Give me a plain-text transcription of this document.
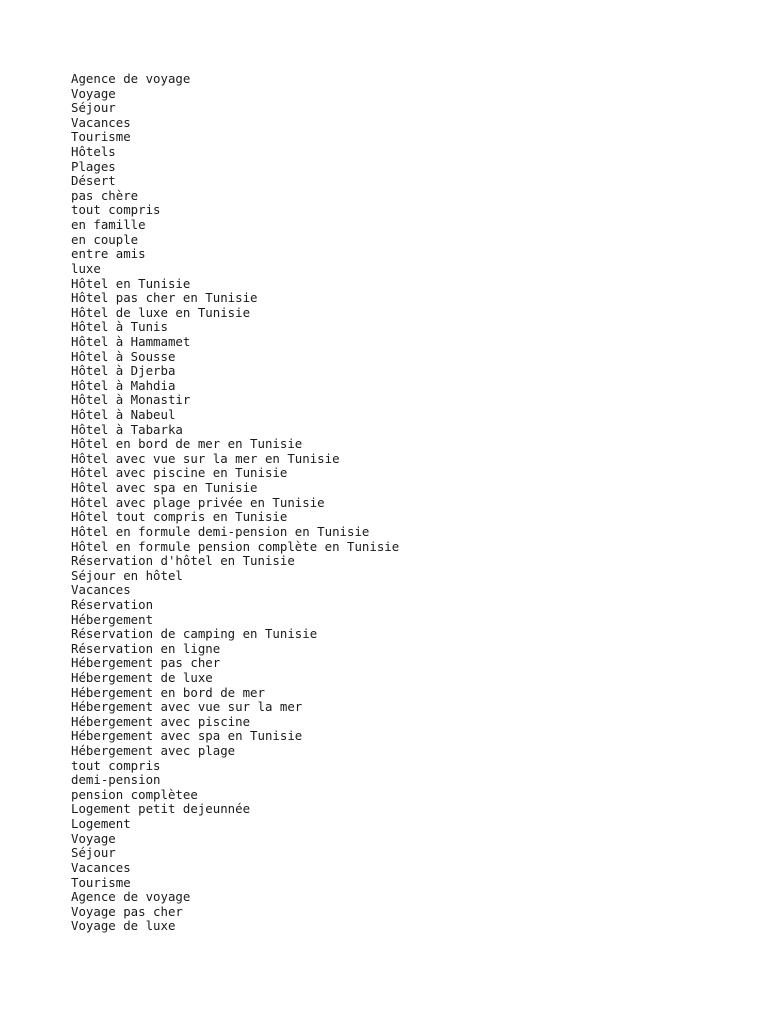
Agence de voyage
Voyage
Séjour
Vacances
Tourisme
Hôtels
Plages
Désert
pas chère
tout compris
en famille
en couple
entre amis
luxe
Hôtel en Tunisie
Hôtel pas cher en Tunisie
Hôtel de luxe en Tunisie
Hôtel à Tunis
Hôtel à Hammamet
Hôtel à Sousse
Hôtel à Djerba
Hôtel à Mahdia
Hôtel à Monastir
Hôtel à Nabeul
Hôtel à Tabarka
Hôtel en bord de mer en Tunisie
Hôtel avec vue sur la mer en Tunisie
Hôtel avec piscine en Tunisie
Hôtel avec spa en Tunisie
Hôtel avec plage privée en Tunisie
Hôtel tout compris en Tunisie
Hôtel en formule demi-pension en Tunisie
Hôtel en formule pension complète en Tunisie
Réservation d'hôtel en Tunisie
Séjour en hôtel
Vacances
Réservation
Hébergement
Réservation de camping en Tunisie
Réservation en ligne
Hébergement pas cher
Hébergement de luxe
Hébergement en bord de mer
Hébergement avec vue sur la mer
Hébergement avec piscine
Hébergement avec spa en Tunisie
Hébergement avec plage
tout compris
demi-pension
pension complètee
Logement petit dejeunnée
Logement
Voyage
Séjour
Vacances
Tourisme
Agence de voyage
Voyage pas cher
Voyage de luxe
